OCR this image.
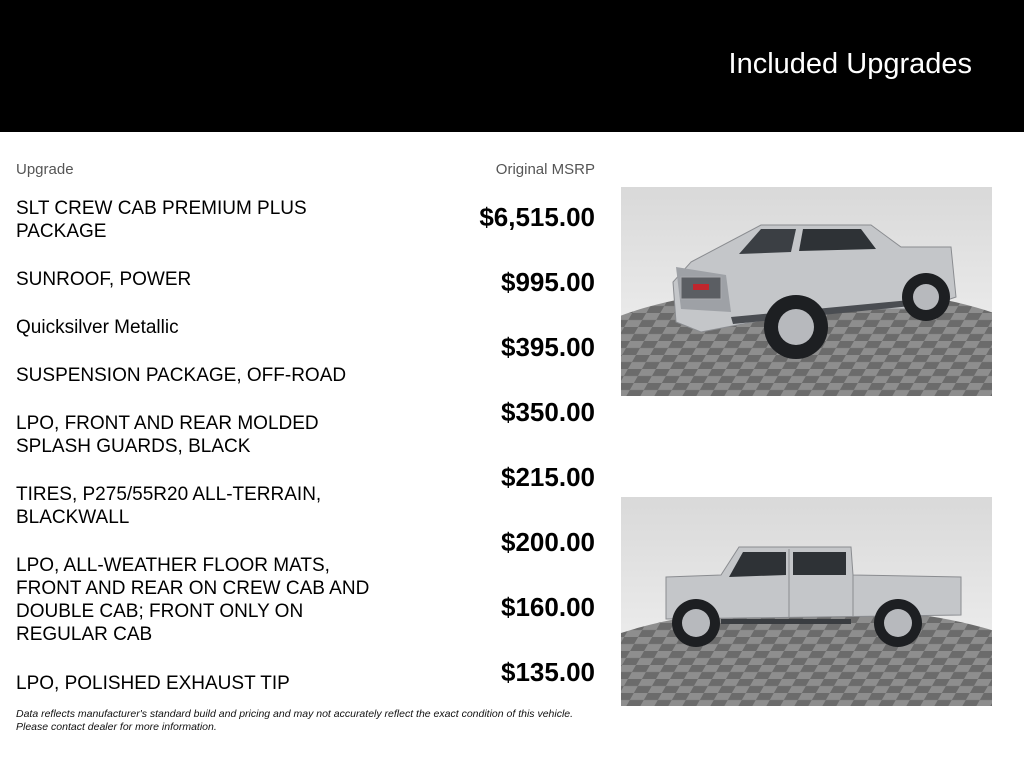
Included Upgrades
Upgrade	Original MSRP
SLT CREW CAB PREMIUM PLUS PACKAGE
SUNROOF, POWER
Quicksilver Metallic
SUSPENSION PACKAGE, OFF-ROAD
LPO, FRONT AND REAR MOLDED SPLASH GUARDS, BLACK
TIRES, P275/55R20 ALL-TERRAIN, BLACKWALL
LPO, ALL-WEATHER FLOOR MATS, FRONT AND REAR ON CREW CAB AND DOUBLE CAB; FRONT ONLY ON REGULAR CAB
LPO, POLISHED EXHAUST TIP
$6,515.00
$995.00
$395.00
$350.00
$215.00
$200.00
$160.00
$135.00
Data reflects manufacturer's standard build and pricing and may not accurately reflect the exact condition of this vehicle. Please contact dealer for more information.
